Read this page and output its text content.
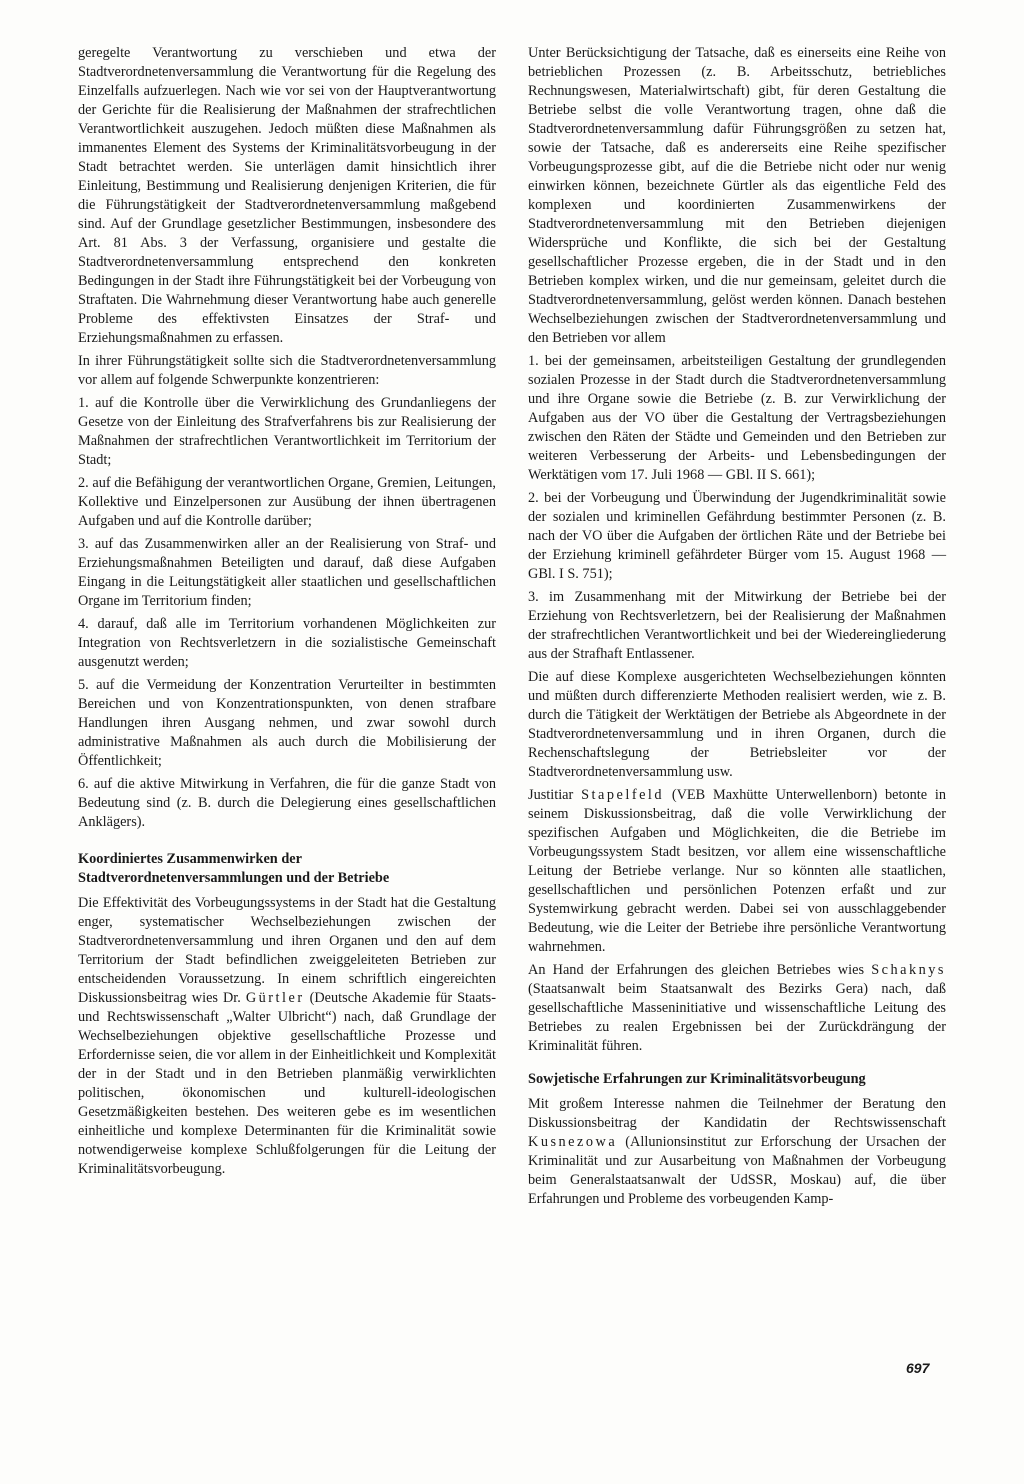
geregelte Verantwortung zu verschieben und etwa der Stadtverordnetenversammlung die Verantwortung für die Regelung des Einzelfalls aufzuerlegen. Nach wie vor sei von der Hauptverantwortung der Gerichte für die Realisierung der Maßnahmen der strafrechtlichen Verantwortlichkeit auszugehen. Jedoch müßten diese Maßnahmen als immanentes Element des Systems der Kriminalitätsvorbeugung in der Stadt betrachtet werden. Sie unterlägen damit hinsichtlich ihrer Einleitung, Bestimmung und Realisierung denjenigen Kriterien, die für die Führungstätigkeit der Stadtverordnetenversammlung maßgebend sind. Auf der Grundlage gesetzlicher Bestimmungen, insbesondere des Art. 81 Abs. 3 der Verfassung, organisiere und gestalte die Stadtverordnetenversammlung entsprechend den konkreten Bedingungen in der Stadt ihre Führungstätigkeit bei der Vorbeugung von Straftaten. Die Wahrnehmung dieser Verantwortung habe auch generelle Probleme des effektivsten Einsatzes der Straf- und Erziehungsmaßnahmen zu erfassen.

In ihrer Führungstätigkeit sollte sich die Stadtverordnetenversammlung vor allem auf folgende Schwerpunkte konzentrieren:

1. auf die Kontrolle über die Verwirklichung des Grundanliegens der Gesetze von der Einleitung des Strafverfahrens bis zur Realisierung der Maßnahmen der strafrechtlichen Verantwortlichkeit im Territorium der Stadt;

2. auf die Befähigung der verantwortlichen Organe, Gremien, Leitungen, Kollektive und Einzelpersonen zur Ausübung der ihnen übertragenen Aufgaben und auf die Kontrolle darüber;

3. auf das Zusammenwirken aller an der Realisierung von Straf- und Erziehungsmaßnahmen Beteiligten und darauf, daß diese Aufgaben Eingang in die Leitungstätigkeit aller staatlichen und gesellschaftlichen Organe im Territorium finden;

4. darauf, daß alle im Territorium vorhandenen Möglichkeiten zur Integration von Rechtsverletzern in die sozialistische Gemeinschaft ausgenutzt werden;

5. auf die Vermeidung der Konzentration Verurteilter in bestimmten Bereichen und von Konzentrationspunkten, von denen strafbare Handlungen ihren Ausgang nehmen, und zwar sowohl durch administrative Maßnahmen als auch durch die Mobilisierung der Öffentlichkeit;

6. auf die aktive Mitwirkung in Verfahren, die für die ganze Stadt von Bedeutung sind (z. B. durch die Delegierung eines gesellschaftlichen Anklägers).

Koordiniertes Zusammenwirken der Stadtverordnetenversammlungen und der Betriebe

Die Effektivität des Vorbeugungssystems in der Stadt hat die Gestaltung enger, systematischer Wechselbeziehungen zwischen der Stadtverordnetenversammlung und ihren Organen und den auf dem Territorium der Stadt befindlichen zweiggeleiteten Betrieben zur entscheidenden Voraussetzung. In einem schriftlich eingereichten Diskussionsbeitrag wies Dr. Gürtler (Deutsche Akademie für Staats- und Rechtswissenschaft „Walter Ulbricht“) nach, daß Grundlage der Wechselbeziehungen objektive gesellschaftliche Prozesse und Erfordernisse seien, die vor allem in der Einheitlichkeit und Komplexität der in der Stadt und in den Betrieben planmäßig verwirklichten politischen, ökonomischen und kulturell-ideologischen Gesetzmäßigkeiten bestehen. Des weiteren gebe es im wesentlichen einheitliche und komplexe Determinanten für die Kriminalität sowie notwendigerweise komplexe Schlußfolgerungen für die Leitung der Kriminalitätsvorbeugung.

Unter Berücksichtigung der Tatsache, daß es einerseits eine Reihe von betrieblichen Prozessen (z. B. Arbeitsschutz, betriebliches Rechnungswesen, Materialwirtschaft) gibt, für deren Gestaltung die Betriebe selbst die volle Verantwortung tragen, ohne daß die Stadtverordnetenversammlung dafür Führungsgrößen zu setzen hat, sowie der Tatsache, daß es andererseits eine Reihe spezifischer Vorbeugungsprozesse gibt, auf die die Betriebe nicht oder nur wenig einwirken können, bezeichnete Gürtler als das eigentliche Feld des komplexen und koordinierten Zusammenwirkens der Stadtverordnetenversammlung mit den Betrieben diejenigen Widersprüche und Konflikte, die sich bei der Gestaltung gesellschaftlicher Prozesse ergeben, die in der Stadt und in den Betrieben komplex wirken, und die nur gemeinsam, geleitet durch die Stadtverordnetenversammlung, gelöst werden können. Danach bestehen Wechselbeziehungen zwischen der Stadtverordnetenversammlung und den Betrieben vor allem

1. bei der gemeinsamen, arbeitsteiligen Gestaltung der grundlegenden sozialen Prozesse in der Stadt durch die Stadtverordnetenversammlung und ihre Organe sowie die Betriebe (z. B. zur Verwirklichung der Aufgaben aus der VO über die Gestaltung der Vertragsbeziehungen zwischen den Räten der Städte und Gemeinden und den Betrieben zur weiteren Verbesserung der Arbeits- und Lebensbedingungen der Werktätigen vom 17. Juli 1968 — GBl. II S. 661);

2. bei der Vorbeugung und Überwindung der Jugendkriminalität sowie der sozialen und kriminellen Gefährdung bestimmter Personen (z. B. nach der VO über die Aufgaben der örtlichen Räte und der Betriebe bei der Erziehung kriminell gefährdeter Bürger vom 15. August 1968 — GBl. I S. 751);

3. im Zusammenhang mit der Mitwirkung der Betriebe bei der Erziehung von Rechtsverletzern, bei der Realisierung der Maßnahmen der strafrechtlichen Verantwortlichkeit und bei der Wiedereingliederung aus der Strafhaft Entlassener.

Die auf diese Komplexe ausgerichteten Wechselbeziehungen könnten und müßten durch differenzierte Methoden realisiert werden, wie z. B. durch die Tätigkeit der Werktätigen der Betriebe als Abgeordnete in der Stadtverordnetenversammlung und in ihren Organen, durch die Rechenschaftslegung der Betriebsleiter vor der Stadtverordnetenversammlung usw.

Justitiar Stapelfeld (VEB Maxhütte Unterwellenborn) betonte in seinem Diskussionsbeitrag, daß die volle Verwirklichung der spezifischen Aufgaben und Möglichkeiten, die die Betriebe im Vorbeugungssystem Stadt besitzen, vor allem eine wissenschaftliche Leitung der Betriebe verlange. Nur so könnten alle staatlichen, gesellschaftlichen und persönlichen Potenzen erfaßt und zur Systemwirkung gebracht werden. Dabei sei von ausschlaggebender Bedeutung, wie die Leiter der Betriebe ihre persönliche Verantwortung wahrnehmen.

An Hand der Erfahrungen des gleichen Betriebes wies Schaknys (Staatsanwalt beim Staatsanwalt des Bezirks Gera) nach, daß gesellschaftliche Masseninitiative und wissenschaftliche Leitung des Betriebes zu realen Ergebnissen bei der Zurückdrängung der Kriminalität führen.

Sowjetische Erfahrungen zur Kriminalitätsvorbeugung

Mit großem Interesse nahmen die Teilnehmer der Beratung den Diskussionsbeitrag der Kandidatin der Rechtswissenschaft Kusnezowa (Allunionsinstitut zur Erforschung der Ursachen der Kriminalität und zur Ausarbeitung von Maßnahmen der Vorbeugung beim Generalstaatsanwalt der UdSSR, Moskau) auf, die über Erfahrungen und Probleme des vorbeugenden Kamp-

697
